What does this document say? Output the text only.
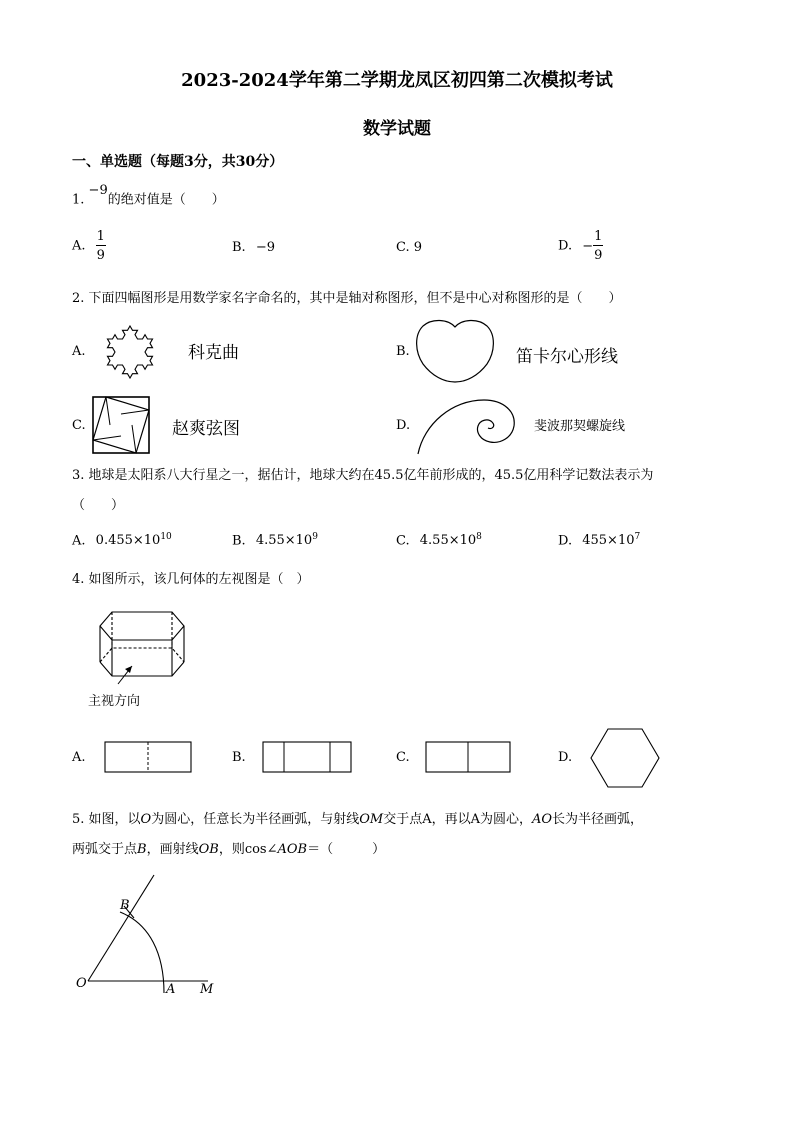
2023-2024学年第二学期龙凤区初四第二次模拟考试
数学试题
一、单选题（每题3分，共30分）
1. $^{-9}$的绝对值是（　　）
A. $\frac{1}{9}$	B. −9	C. 9	D. − $\frac{1}{9}$
2. 下面四幅图形是用数学家名字命名的，其中是轴对称图形，但不是中心对称图形的是（　　）
A.	科克曲	B.	笛卡尔心形线
C.	赵爽弦图	D.	斐波那契螺旋线
3. 地球是太阳系八大行星之一，据估计，地球大约在45.5亿年前形成的，45.5亿用科学记数法表示为
（　　）
A. $0.455\times 10^{10}$	B. $4.55\times 10^9$	C. $4.55\times 10^8$	D. $455\times 10^7$
4. 如图所示，该几何体的左视图是（　）
主视方向
A.	B.	C.	D.
5. 如图，以O为圆心，任意长为半径画弧，与射线OM交于点A，再以A为圆心，AO长为半径画弧，
两弧交于点B，画射线OB，则cos∠AOB＝（　　　）
O	A M
B
